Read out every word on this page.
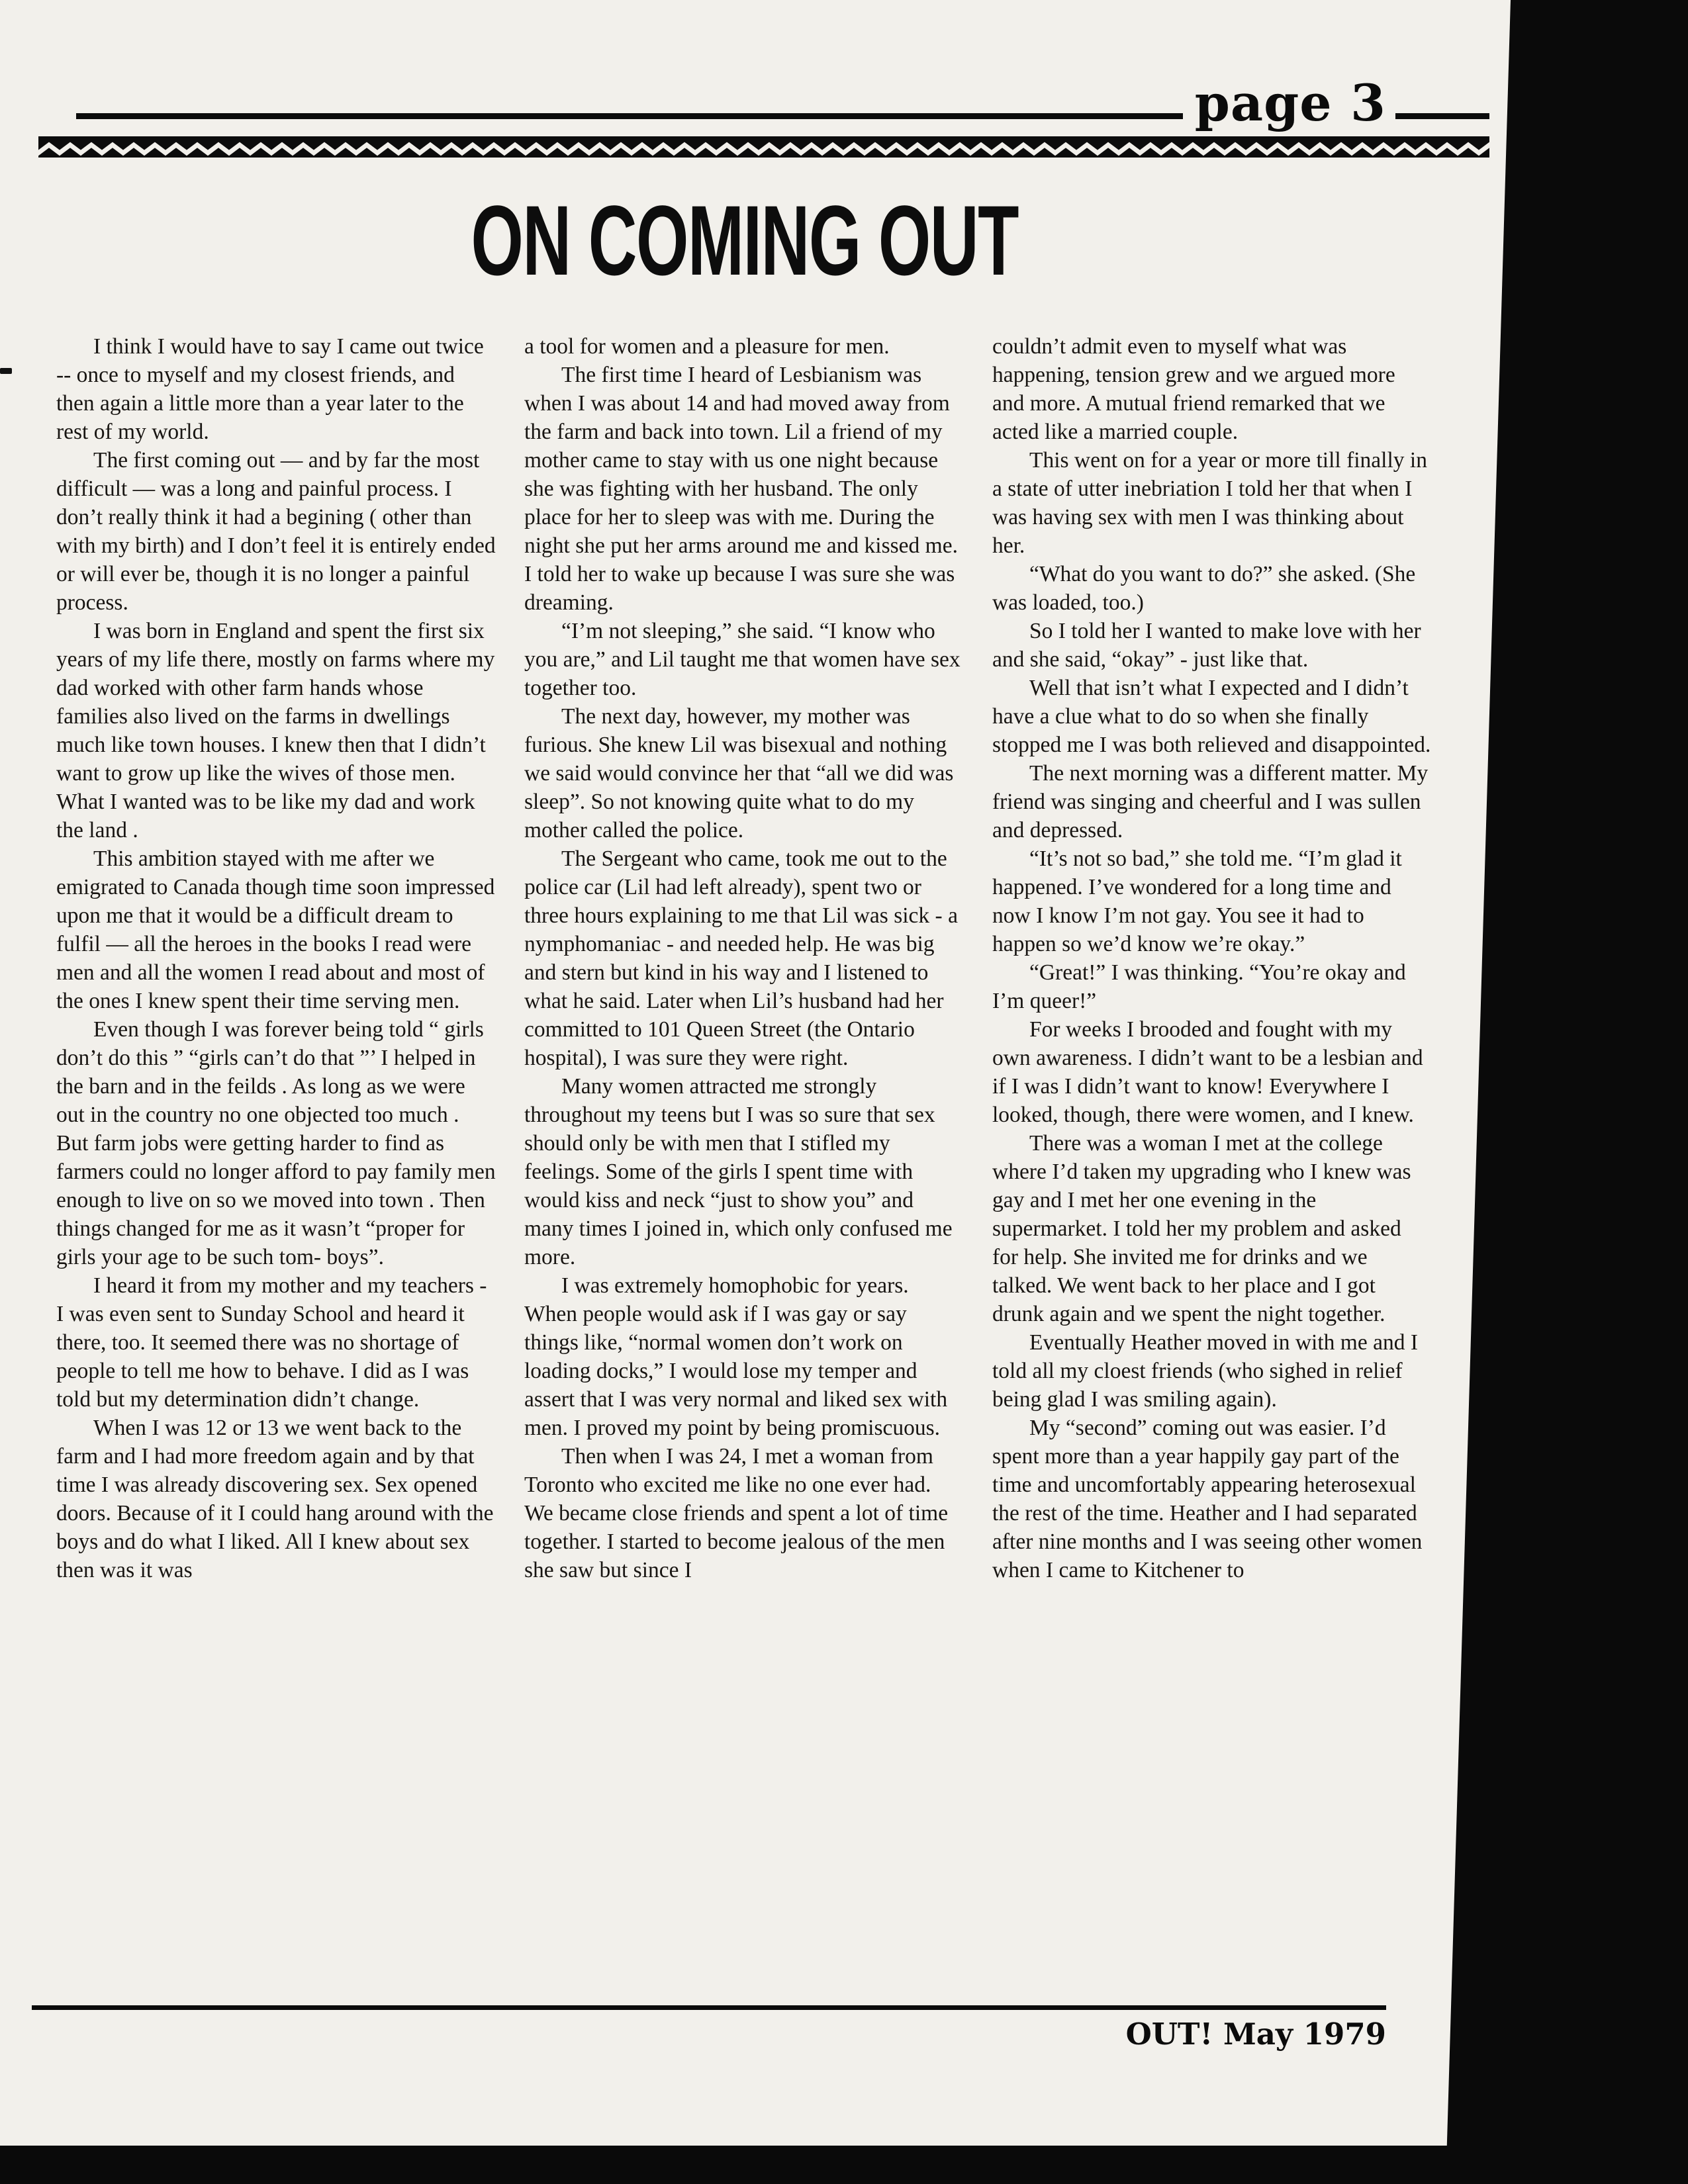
page 3
ON COMING OUT

I think I would have to say I came out twice -- once to myself and my closest friends, and then again a little more than a year later to the rest of my world.

The first coming out — and by far the most difficult — was a long and painful process. I don’t really think it had a begining ( other than with my birth) and I don’t feel it is entirely ended or will ever be, though it is no longer a painful process.

I was born in England and spent the first six years of my life there, mostly on farms where my dad worked with other farm hands whose families also lived on the farms in dwellings much like town houses. I knew then that I didn’t want to grow up like the wives of those men. What I wanted was to be like my dad and work the land .

This ambition stayed with me after we emigrated to Canada though time soon impressed upon me that it would be a difficult dream to fulfil — all the heroes in the books I read were men and all the women I read about and most of the ones I knew spent their time serving men.

Even though I was forever being told “ girls don’t do this ” “girls can’t do that ”’ I helped in the barn and in the feilds . As long as we were out in the country no one objected too much . But farm jobs were getting harder to find as farmers could no longer afford to pay family men enough to live on so we moved into town . Then things changed for me as it wasn’t “proper for girls your age to be such tom- boys”.

I heard it from my mother and my teachers - I was even sent to Sunday School and heard it there, too. It seemed there was no shortage of people to tell me how to behave. I did as I was told but my determination didn’t change.

When I was 12 or 13 we went back to the farm and I had more freedom again and by that time I was already discovering sex. Sex opened doors. Because of it I could hang around with the boys and do what I liked. All I knew about sex then was it was

a tool for women and a pleasure for men.

The first time I heard of Lesbianism was when I was about 14 and had moved away from the farm and back into town. Lil a friend of my mother came to stay with us one night because she was fighting with her husband. The only place for her to sleep was with me. During the night she put her arms around me and kissed me. I told her to wake up because I was sure she was dreaming.

“I’m not sleeping,” she said. “I know who you are,” and Lil taught me that women have sex together too.

The next day, however, my mother was furious. She knew Lil was bisexual and nothing we said would convince her that “all we did was sleep”. So not knowing quite what to do my mother called the police.

The Sergeant who came, took me out to the police car (Lil had left already), spent two or three hours explaining to me that Lil was sick - a nymphomaniac - and needed help. He was big and stern but kind in his way and I listened to what he said. Later when Lil’s husband had her committed to 101 Queen Street (the Ontario hospital), I was sure they were right.

Many women attracted me strongly throughout my teens but I was so sure that sex should only be with men that I stifled my feelings. Some of the girls I spent time with would kiss and neck “just to show you” and many times I joined in, which only confused me more.

I was extremely homophobic for years. When people would ask if I was gay or say things like, “normal women don’t work on loading docks,” I would lose my temper and assert that I was very normal and liked sex with men. I proved my point by being promiscuous.

Then when I was 24, I met a woman from Toronto who excited me like no one ever had. We became close friends and spent a lot of time together. I started to become jealous of the men she saw but since I

couldn’t admit even to myself what was happening, tension grew and we argued more and more. A mutual friend remarked that we acted like a married couple.

This went on for a year or more till finally in a state of utter inebriation I told her that when I was having sex with men I was thinking about her.

“What do you want to do?” she asked. (She was loaded, too.)

So I told her I wanted to make love with her and she said, “okay” - just like that.

Well that isn’t what I expected and I didn’t have a clue what to do so when she finally stopped me I was both relieved and disappointed.

The next morning was a different matter. My friend was singing and cheerful and I was sullen and depressed.

“It’s not so bad,” she told me. “I’m glad it happened. I’ve wondered for a long time and now I know I’m not gay. You see it had to happen so we’d know we’re okay.”

“Great!” I was thinking. “You’re okay and I’m queer!”

For weeks I brooded and fought with my own awareness. I didn’t want to be a lesbian and if I was I didn’t want to know! Everywhere I looked, though, there were women, and I knew.

There was a woman I met at the college where I’d taken my upgrading who I knew was gay and I met her one evening in the supermarket. I told her my problem and asked for help. She invited me for drinks and we talked. We went back to her place and I got drunk again and we spent the night together.

Eventually Heather moved in with me and I told all my cloest friends (who sighed in relief being glad I was smiling again).

My “second” coming out was easier. I’d spent more than a year happily gay part of the time and uncomfortably appearing heterosexual the rest of the time. Heather and I had separated after nine months and I was seeing other women when I came to Kitchener to

OUT! May 1979
